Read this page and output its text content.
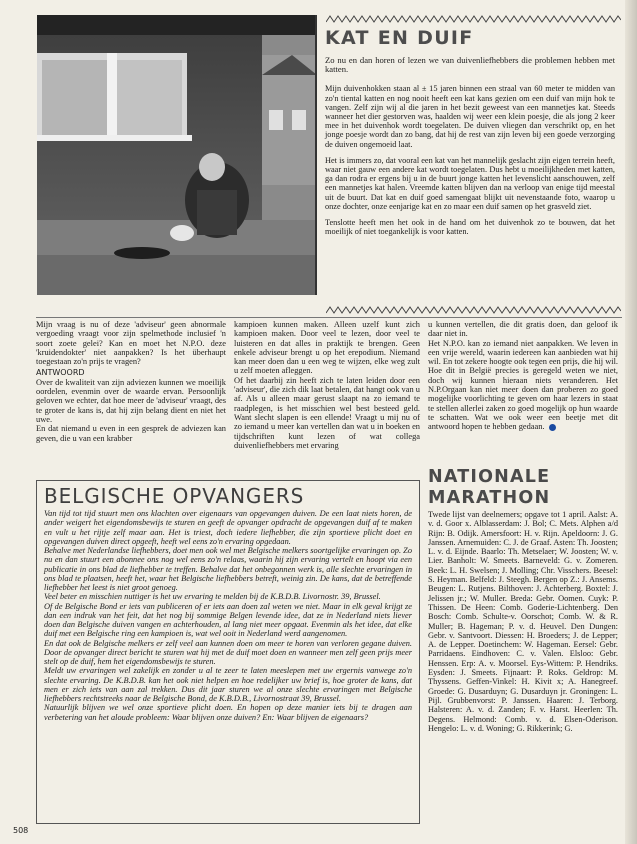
KAT EN DUIF

Zo nu en dan horen of lezen we van duivenliefhebbers die problemen hebben met katten.

Mijn duivenhokken staan al ± 15 jaren binnen een straal van 60 meter te midden van zo'n tiental katten en nog nooit heeft een kat kans gezien om een duif van mijn hok te vangen. Zelf zijn wij al die jaren in het bezit geweest van een mannetjes kat. Steeds wanneer het dier gestorven was, haalden wij weer een klein poesje, die als jong 2 keer mee in het duivenhok wordt toegelaten. De duiven vliegen dan verschrikt op, en het jonge poesje wordt dan zo bang, dat hij de rest van zijn leven bij een goede verzorging de duiven ongemoeid laat.

Het is immers zo, dat vooral een kat van het mannelijk geslacht zijn eigen terrein heeft, waar niet gauw een andere kat wordt toegelaten. Dus hebt u moeilijkheden met katten, ga dan rodra er ergens bij u in de buurt jonge katten het levenslicht aanschouwen, zelf een mannetjes kat halen. Vreemde katten blijven dan na verloop van enige tijd meestal uit de buurt. Dat kat en duif goed samengaat blijkt uit nevenstaande foto, waarop u onze dochter, onze eenjarige kat en zo maar een duif samen op het grasveld ziet.

Tenslotte heeft men het ook in de hand om het duivenhok zo te bouwen, dat het moeilijk of niet toegankelijk is voor katten.

Mijn vraag is nu of deze 'adviseur' geen abnormale vergoeding vraagt voor zijn spelmethode inclusief 'n soort zoete gelei? Kan en moet het N.P.O. deze 'kruidendokter' niet aanpakken? Is het überhaupt toegestaan zo'n prijs te vragen?

ANTWOORD

Over de kwaliteit van zijn adviezen kunnen we moeilijk oordelen, evenmin over de waarde ervan. Persoonlijk geloven we echter, dat hoe meer de 'adviseur' vraagt, des te groter de kans is, dat hij zijn belang dient en niet het uwe.

En dat niemand u even in een gesprek de adviezen kan geven, die u van een krabber

kampioen kunnen maken. Alleen uzelf kunt zich kampioen maken. Door veel te lezen, door veel te luisteren en dat alles in praktijk te brengen. Geen enkele adviseur brengt u op het erepodium. Niemand kan meer doen dan u een weg te wijzen, elke weg zult u zelf moeten afleggen.

Of het daarbij zin heeft zich te laten leiden door een 'adviseur', die zich dik laat betalen, dat hangt ook van u af. Als u alleen maar gerust slaapt na zo iemand te raadplegen, is het misschien wel best besteed geld. Want slecht slapen is een ellende! Vraagt u mij nu of zo iemand u meer kan vertellen dan wat u in boeken en tijdschriften kunt lezen of wat collega duivenliefhebbers met ervaring

u kunnen vertellen, die dit gratis doen, dan geloof ik daar niet in.

Het N.P.O. kan zo iemand niet aanpakken. We leven in een vrije wereld, waarin iedereen kan aanbieden wat hij wil. En tot zekere hoogte ook tegen een prijs, die hij wil. Hoe dit in België precies is geregeld weten we niet, doch wij kunnen hieraan niets veranderen. Het N.P.Orgaan kan niet meer doen dan proberen zo goed mogelijke voorlichting te geven om haar lezers in staat te stellen allerlei zaken zo goed mogelijk op hun waarde te schatten. Wat we ook weer een beetje met dit antwoord hopen te hebben gedaan.

BELGISCHE OPVANGERS

Van tijd tot tijd stuurt men ons klachten over eigenaars van opgevangen duiven. De een laat niets horen, de ander weigert het eigendomsbewijs te sturen en geeft de opvanger opdracht de opgevangen duif af te maken en vult u het rijtje zelf maar aan. Het is triest, doch iedere liefhebber, die zijn sportieve plicht doet en opgevangen duiven direct opgeeft, heeft wel eens zo'n ervaring opgedaan.

Behalve met Nederlandse liefhebbers, doet men ook wel met Belgische melkers soortgelijke ervaringen op. Zo nu en dan stuurt een abonnee ons nog wel eens zo'n relaas, waarin hij zijn ervaring vertelt en hoopt via een publicatie in ons blad de liefhebber te treffen. Behalve dat het onbegonnen werk is, alle slechte ervaringen in ons blad te plaatsen, heeft het, waar het Belgische liefhebbers betreft, weinig zin. De kans, dat de betreffende liefhebber het leest is niet groot genoeg.

Veel beter en misschien nuttiger is het uw ervaring te melden bij de K.B.D.B. Livornostr. 39, Brussel.

Of de Belgische Bond er iets van publiceren of er iets aan doen zal weten we niet. Maar in elk geval krijgt ze dan een indruk van het feit, dat het nog bij sommige Belgen levende idee, dat ze in Nederland niets liever doen dan Belgische duiven vangen en achterhouden, al lang niet meer opgaat. Evenmin als het idee, dat elke duif met een Belgische ring een kampioen is, wat wel ooit in Nederland werd aangenomen.

En dat ook de Belgische melkers er zelf veel aan kunnen doen om meer te horen van verloren gegane duiven. Door de opvanger direct bericht te sturen wat hij met de duif moet doen en wanneer men zelf geen prijs meer stelt op de duif, hem het eigendomsbewijs te sturen.

Meldt uw ervaringen wel zakelijk en zonder u al te zeer te laten meeslepen met uw ergernis vanwege zo'n slechte ervaring. De K.B.D.B. kan het ook niet helpen en hoe redelijker uw brief is, hoe groter de kans, dat men er zich iets van aan zal trekken. Dus dit jaar sturen we al onze slechte ervaringen met Belgische liefhebbers rechtstreeks naar de Belgische Bond, de K.B.D.B., Livornostraat 39, Brussel.

Natuurlijk blijven we wel onze sportieve plicht doen. En hopen op deze manier iets bij te dragen aan verbetering van het aloude probleem: Waar blijven onze duiven? En: Waar blijven de eigenaars?

NATIONALE
MARATHON
Twede lijst van deelnemers; opgave tot 1 april. Aalst: A. v. d. Goor x. Alblasserdam: J. Bol; C. Mets. Alphen a/d Rijn: B. Odijk. Amersfoort: H. v. Rijn. Apeldoorn: J. G. Janssen. Arnemuiden: C. J. de Graaf. Asten: Th. Joosten; L. v. d. Eijnde. Baarlo: Th. Metselaer; W. Joosten; W. v. Lier. Banholt: W. Smeets. Barneveld: G. v. Zomeren. Beek: L. H. Swelsen; J. Molling; Chr. Visschers. Beesel: S. Heyman. Belfeld: J. Steegh. Bergen op Z.: J. Ansems. Beugen: L. Rutjens. Bilthoven: J. Achterberg. Boxtel: J. Jelissen jr.; W. Muller. Breda: Gebr. Oomen. Cuyk: P. Thissen. De Heen: Comb. Goderie-Lichtenberg. Den Bosch: Comb. Schulte-v. Oorschot; Comb. W. & R. Muller; B. Hageman; P. v. d. Heuvel. Den Dungen: Gebr. v. Santvoort. Diessen: H. Broeders; J. de Lepper; A. de Lepper. Doetinchem: W. Hageman. Eersel: Gebr. Parridaens. Eindhoven: C. v. Valen. Elsloo: Gebr. Henssen. Erp: A. v. Moorsel. Eys-Wittem: P. Hendriks. Eysden: J. Smeets. Fijnaart: P. Roks. Geldrop: M. Thyssens. Geffen-Vinkel: H. Kivit x; A. Hanegreef. Groede: G. Dusarduyn; G. Dusarduyn jr. Groningen: L. Pijl. Grubbenvorst: P. Janssen. Haaren: J. Terborg. Halsteren: A. v. d. Zanden; F. v. Harst. Heerlen: Th. Degens. Helmond: Comb. v. d. Elsen-Oderison. Hengelo: L. v. d. Woning; G. Rikkerink; G.
508
